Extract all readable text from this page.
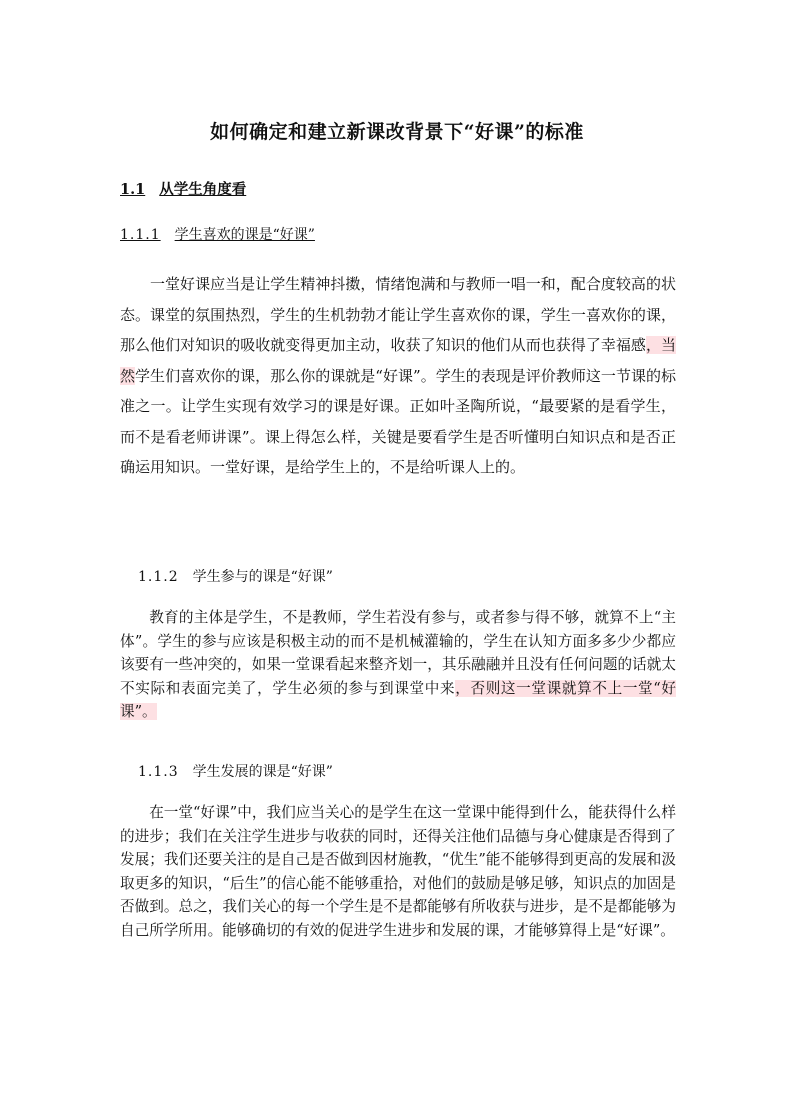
如何确定和建立新课改背景下“好课”的标准
1.1 从学生角度看
1.1.1 学生喜欢的课是“好课”

一堂好课应当是让学生精神抖擞，情绪饱满和与教师一唱一和，配合度较高的状态。课堂的氛围热烈，学生的生机勃勃才能让学生喜欢你的课，学生一喜欢你的课，那么他们对知识的吸收就变得更加主动，收获了知识的他们从而也获得了幸福感，当然学生们喜欢你的课，那么你的课就是“好课”。学生的表现是评价教师这一节课的标准之一。让学生实现有效学习的课是好课。正如叶圣陶所说，“最要紧的是看学生，而不是看老师讲课”。课上得怎么样，关键是要看学生是否听懂明白知识点和是否正确运用知识。一堂好课，是给学生上的，不是给听课人上的。

1.1.2 学生参与的课是“好课”

教育的主体是学生，不是教师，学生若没有参与，或者参与得不够，就算不上“主体”。学生的参与应该是积极主动的而不是机械灌输的，学生在认知方面多多少少都应该要有一些冲突的，如果一堂课看起来整齐划一，其乐融融并且没有任何问题的话就太不实际和表面完美了，学生必须的参与到课堂中来，否则这一堂课就算不上一堂“好课”。

1.1.3 学生发展的课是“好课”

在一堂“好课”中，我们应当关心的是学生在这一堂课中能得到什么，能获得什么样的进步；我们在关注学生进步与收获的同时，还得关注他们品德与身心健康是否得到了发展；我们还要关注的是自己是否做到因材施教，“优生”能不能够得到更高的发展和汲取更多的知识，“后生”的信心能不能够重拾，对他们的鼓励是够足够，知识点的加固是否做到。总之，我们关心的每一个学生是不是都能够有所收获与进步，是不是都能够为自己所学所用。能够确切的有效的促进学生进步和发展的课，才能够算得上是“好课”。
